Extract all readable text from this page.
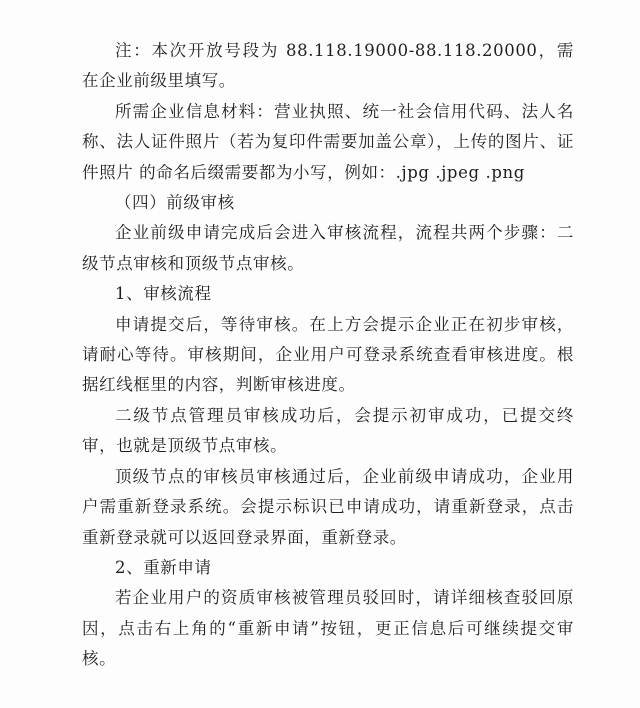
注：本次开放号段为 88.118.19000-88.118.20000，需在企业前级里填写。

所需企业信息材料：营业执照、统一社会信用代码、法人名称、法人证件照片（若为复印件需要加盖公章），上传的图片、证件照片 的命名后缀需要都为小写，例如：.jpg .jpeg .png

（四）前级审核

企业前级申请完成后会进入审核流程，流程共两个步骤：二级节点审核和顶级节点审核。

1、审核流程

申请提交后，等待审核。在上方会提示企业正在初步审核，请耐心等待。审核期间，企业用户可登录系统查看审核进度。根据红线框里的内容，判断审核进度。

二级节点管理员审核成功后，会提示初审成功，已提交终审，也就是顶级节点审核。

顶级节点的审核员审核通过后，企业前级申请成功，企业用户需重新登录系统。会提示标识已申请成功，请重新登录，点击重新登录就可以返回登录界面，重新登录。

2、重新申请

若企业用户的资质审核被管理员驳回时，请详细核查驳回原因，点击右上角的“重新申请”按钮，更正信息后可继续提交审核。
